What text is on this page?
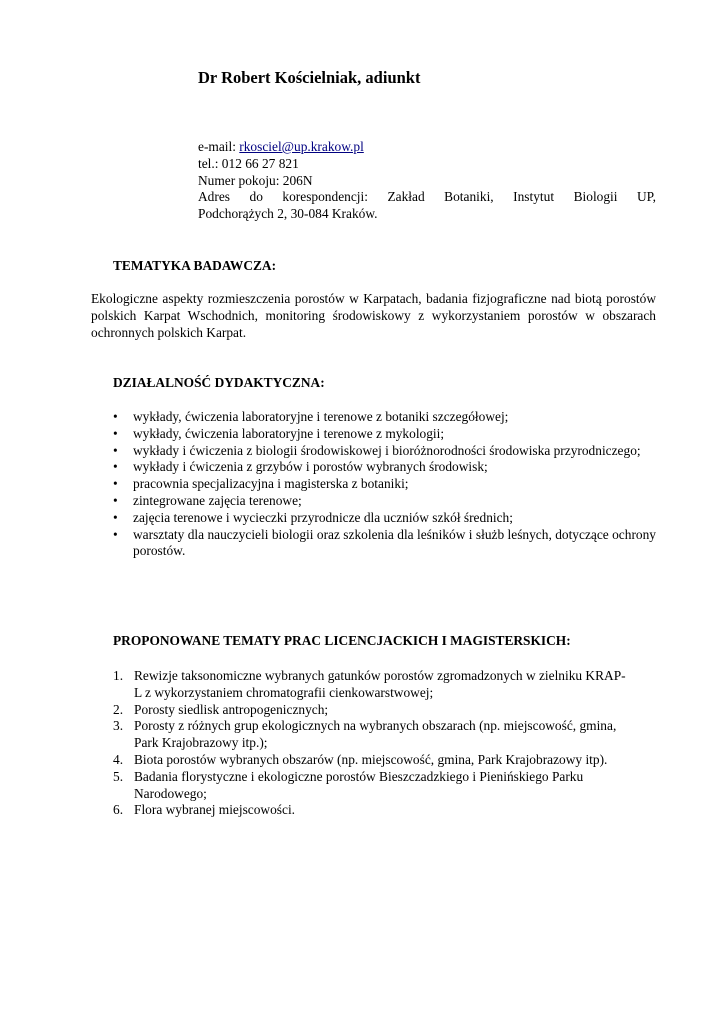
Dr Robert Kościelniak, adiunkt
e-mail: rkosciel@up.krakow.pl
tel.: 012 66 27 821
Numer pokoju: 206N
Adres do korespondencji: Zakład Botaniki, Instytut Biologii UP,
Podchorążych 2, 30-084 Kraków.
TEMATYKA BADAWCZA:

Ekologiczne aspekty rozmieszczenia porostów w Karpatach, badania fizjograficzne nad biotą porostów polskich Karpat Wschodnich, monitoring środowiskowy z wykorzystaniem porostów w obszarach ochronnych polskich Karpat.

DZIAŁALNOŚĆ DYDAKTYCZNA:
•	wykłady, ćwiczenia laboratoryjne i terenowe z botaniki szczegółowej;
•	wykłady, ćwiczenia laboratoryjne i terenowe z mykologii;
•	wykłady i ćwiczenia z biologii środowiskowej i bioróżnorodności środowiska przyrodniczego;
•	wykłady i ćwiczenia z grzybów i porostów wybranych środowisk;
•	pracownia specjalizacyjna i magisterska z botaniki;
•	zintegrowane zajęcia terenowe;
•	zajęcia terenowe i wycieczki przyrodnicze dla uczniów szkół średnich;
•	warsztaty dla nauczycieli biologii oraz szkolenia dla leśników i służb leśnych, dotyczące ochrony porostów.
PROPONOWANE TEMATY PRAC LICENCJACKICH I MAGISTERSKICH:
1. Rewizje taksonomiczne wybranych gatunków porostów zgromadzonych w zielniku KRAP-L z wykorzystaniem chromatografii cienkowarstwowej;
2. Porosty siedlisk antropogenicznych;
3. Porosty z różnych grup ekologicznych na wybranych obszarach (np. miejscowość, gmina, Park Krajobrazowy itp.);
4. Biota porostów wybranych obszarów (np. miejscowość, gmina, Park Krajobrazowy itp).
5. Badania florystyczne i ekologiczne porostów Bieszczadzkiego i Pienińskiego Parku Narodowego;
6. Flora wybranej miejscowości.
